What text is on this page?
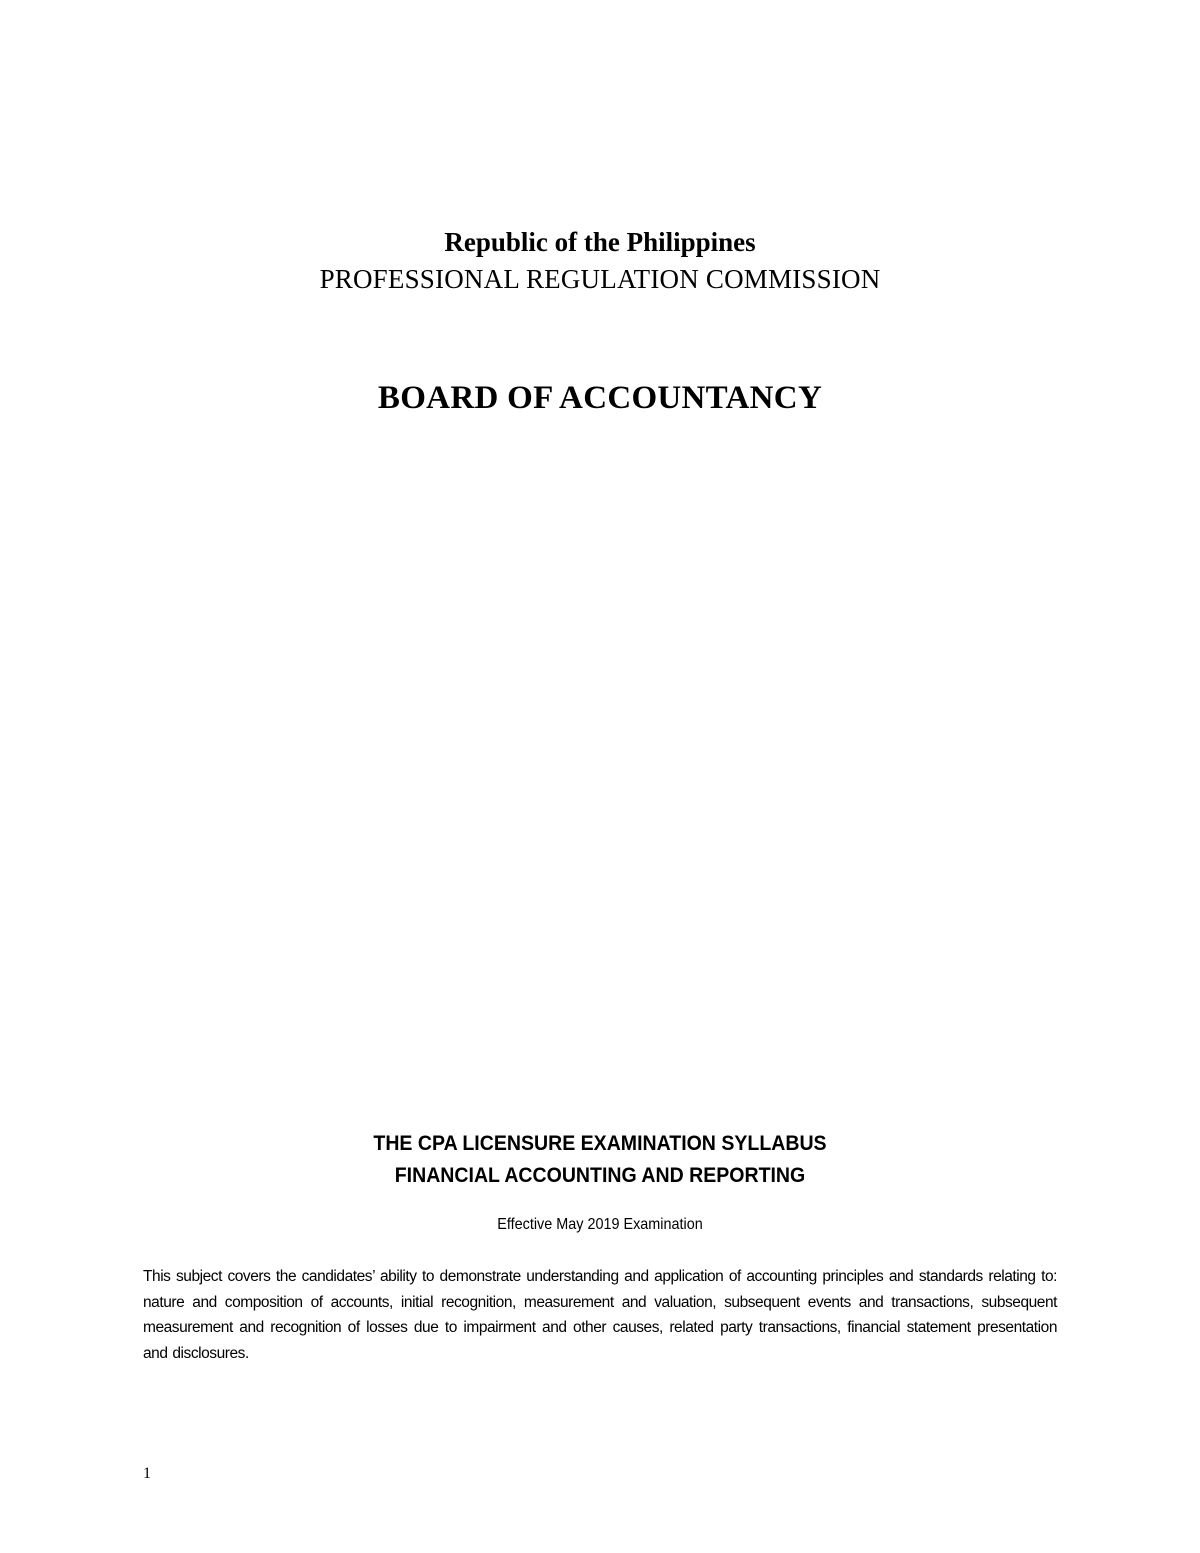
Republic of the Philippines
PROFESSIONAL REGULATION COMMISSION
BOARD OF ACCOUNTANCY
THE CPA LICENSURE EXAMINATION SYLLABUS
FINANCIAL ACCOUNTING AND REPORTING
Effective May 2019 Examination
This subject covers the candidates’ ability to demonstrate understanding and application of accounting principles and standards relating to: nature and composition of accounts, initial recognition, measurement and valuation, subsequent events and transactions, subsequent measurement and recognition of losses due to impairment and other causes, related party transactions, financial statement presentation and disclosures.
1
